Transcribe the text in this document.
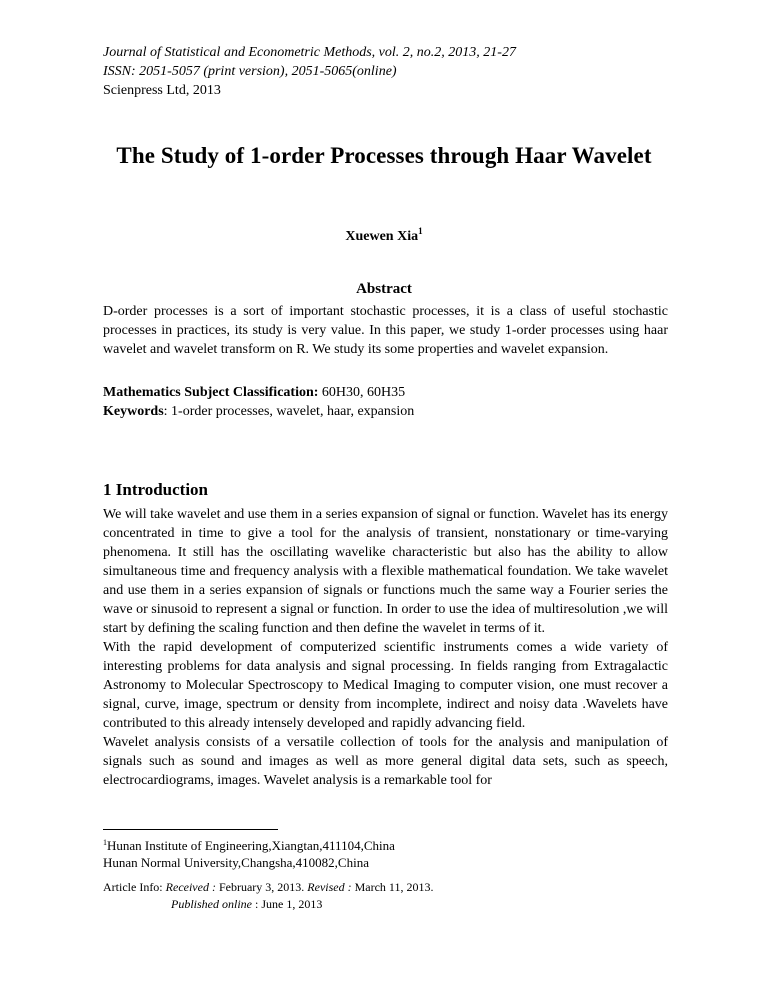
Journal of Statistical and Econometric Methods, vol. 2, no.2, 2013, 21-27
ISSN: 2051-5057 (print version), 2051-5065(online)
Scienpress Ltd, 2013
The Study of 1-order Processes through Haar Wavelet
Xuewen Xia$^1$
Abstract
D-order processes is a sort of important stochastic processes, it is a class of useful stochastic processes in practices, its study is very value. In this paper, we study 1-order processes using haar wavelet and wavelet transform on R. We study its some properties and wavelet expansion.
Mathematics Subject Classification: 60H30, 60H35
Keywords: 1-order processes, wavelet, haar, expansion
1 Introduction

We will take wavelet and use them in a series expansion of signal or function. Wavelet has its energy concentrated in time to give a tool for the analysis of transient, nonstationary or time-varying phenomena. It still has the oscillating wavelike characteristic but also has the ability to allow simultaneous time and frequency analysis with a flexible mathematical foundation. We take wavelet and use them in a series expansion of signals or functions much the same way a Fourier series the wave or sinusoid to represent a signal or function. In order to use the idea of multiresolution ,we will start by defining the scaling function and then define the wavelet in terms of it.

With the rapid development of computerized scientific instruments comes a wide variety of interesting problems for data analysis and signal processing. In fields ranging from Extragalactic Astronomy to Molecular Spectroscopy to Medical Imaging to computer vision, one must recover a signal, curve, image, spectrum or density from incomplete, indirect and noisy data .Wavelets have contributed to this already intensely developed and rapidly advancing field.

Wavelet analysis consists of a versatile collection of tools for the analysis and manipulation of signals such as sound and images as well as more general digital data sets, such as speech, electrocardiograms, images. Wavelet analysis is a remarkable tool for

$^1$Hunan Institute of Engineering,Xiangtan,411104,China
Hunan Normal University,Changsha,410082,China
Article Info: Received : February 3, 2013. Revised : March 11, 2013.
Published online : June 1, 2013
